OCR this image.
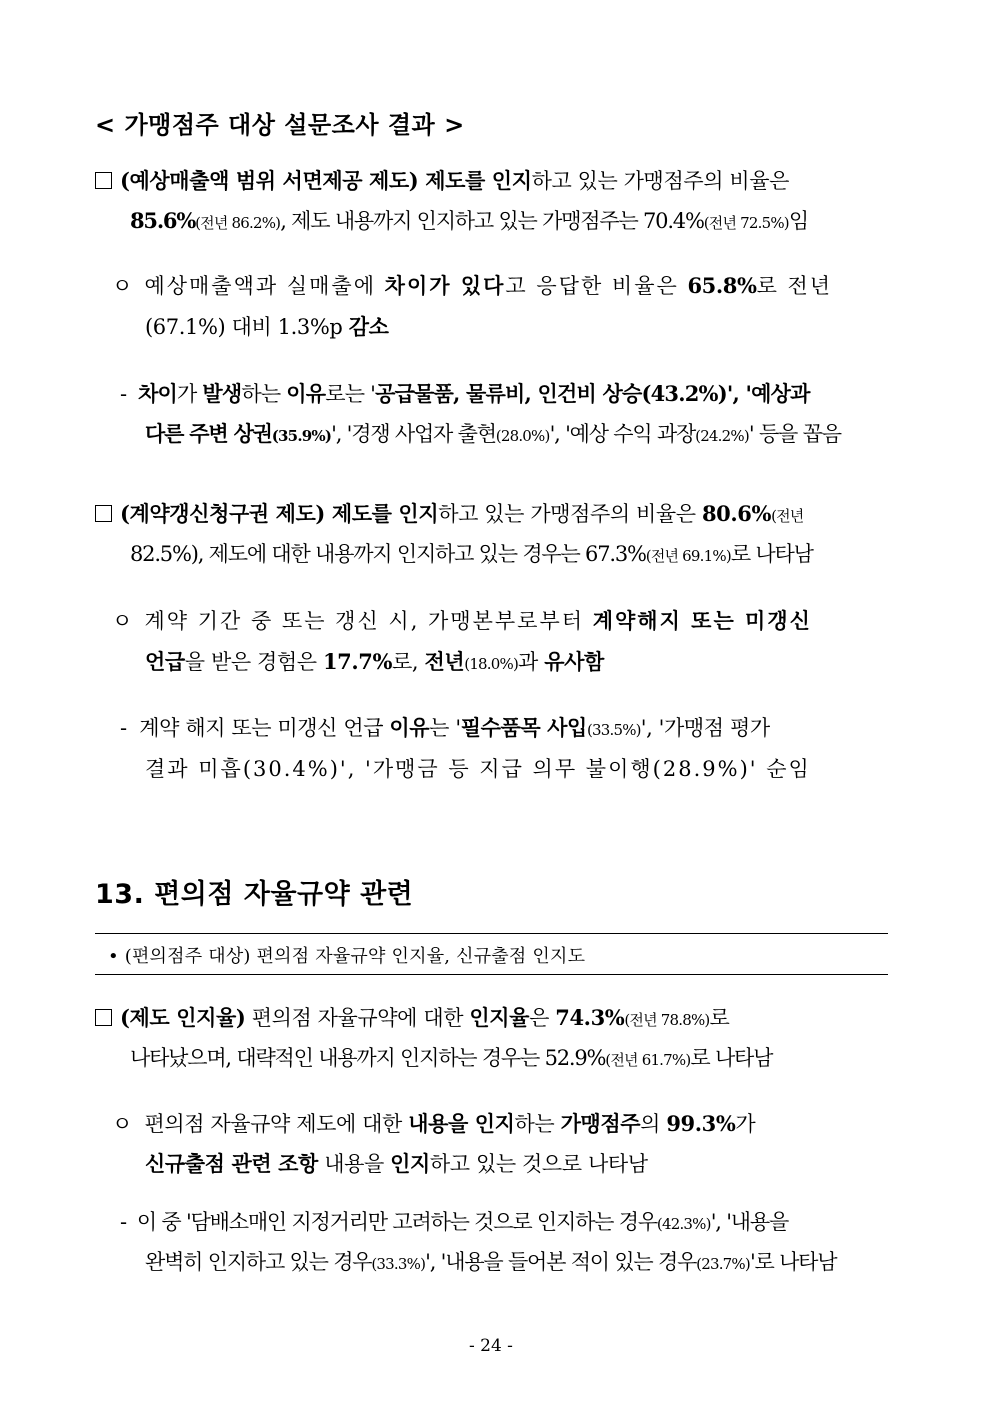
< 가맹점주 대상 설문조사 결과 >
(예상매출액 범위 서면제공 제도) 제도를 인지하고 있는 가맹점주의 비율은
85.6%(전년 86.2%), 제도 내용까지 인지하고 있는 가맹점주는 70.4%(전년 72.5%)임
ㅇ 예상매출액과 실매출에 차이가 있다고 응답한 비율은 65.8%로 전년
(67.1%) 대비 1.3%p 감소
- 차이가 발생하는 이유로는 '공급물품, 물류비, 인건비 상승(43.2%)', '예상과
다른 주변 상권(35.9%)', '경쟁 사업자 출현(28.0%)', '예상 수익 과장(24.2%)' 등을 꼽음
(계약갱신청구권 제도) 제도를 인지하고 있는 가맹점주의 비율은 80.6%(전년
82.5%), 제도에 대한 내용까지 인지하고 있는 경우는 67.3%(전년 69.1%)로 나타남
ㅇ 계약 기간 중 또는 갱신 시, 가맹본부로부터 계약해지 또는 미갱신
언급을 받은 경험은 17.7%로, 전년(18.0%)과 유사함
- 계약 해지 또는 미갱신 언급 이유는 '필수품목 사입(33.5%)', '가맹점 평가
결과 미흡(30.4%)', '가맹금 등 지급 의무 불이행(28.9%)' 순임
13. 편의점 자율규약 관련
• (편의점주 대상) 편의점 자율규약 인지율, 신규출점 인지도
(제도 인지율) 편의점 자율규약에 대한 인지율은 74.3%(전년 78.8%)로
나타났으며, 대략적인 내용까지 인지하는 경우는 52.9%(전년 61.7%)로 나타남
ㅇ 편의점 자율규약 제도에 대한 내용을 인지하는 가맹점주의 99.3%가
신규출점 관련 조항 내용을 인지하고 있는 것으로 나타남
- 이 중 '담배소매인 지정거리만 고려하는 것으로 인지하는 경우(42.3%)', '내용을
완벽히 인지하고 있는 경우(33.3%)', '내용을 들어본 적이 있는 경우(23.7%)'로 나타남
- 24 -
